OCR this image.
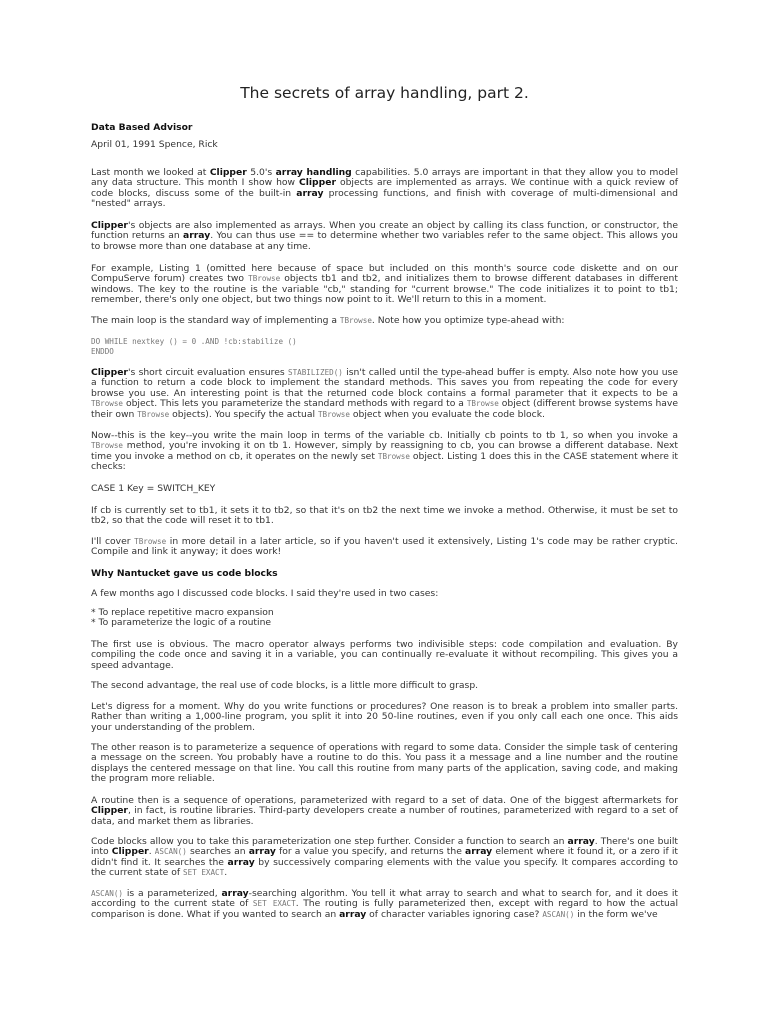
The secrets of array handling, part 2.
Data Based Advisor
April 01, 1991 Spence, Rick

Last month we looked at Clipper 5.0's array handling capabilities. 5.0 arrays are important in that they allow you to model any data structure. This month I show how Clipper objects are implemented as arrays. We continue with a quick review of code blocks, discuss some of the built-in array processing functions, and finish with coverage of multi-dimensional and "nested" arrays.

Clipper's objects are also implemented as arrays. When you create an object by calling its class function, or constructor, the function returns an array. You can thus use == to determine whether two variables refer to the same object. This allows you to browse more than one database at any time.

For example, Listing 1 (omitted here because of space but included on this month's source code diskette and on our CompuServe forum) creates two TBrowse objects tb1 and tb2, and initializes them to browse different databases in different windows. The key to the routine is the variable "cb," standing for "current browse." The code initializes it to point to tb1; remember, there's only one object, but two things now point to it. We'll return to this in a moment.

The main loop is the standard way of implementing a TBrowse. Note how you optimize type-ahead with:

DO WHILE nextkey () = 0 .AND !cb:stabilize ()
ENDDO

Clipper's short circuit evaluation ensures STABILIZED() isn't called until the type-ahead buffer is empty. Also note how you use a function to return a code block to implement the standard methods. This saves you from repeating the code for every browse you use. An interesting point is that the returned code block contains a formal parameter that it expects to be a TBrowse object. This lets you parameterize the standard methods with regard to a TBrowse object (different browse systems have their own TBrowse objects). You specify the actual TBrowse object when you evaluate the code block.

Now--this is the key--you write the main loop in terms of the variable cb. Initially cb points to tb 1, so when you invoke a TBrowse method, you're invoking it on tb 1. However, simply by reassigning to cb, you can browse a different database. Next time you invoke a method on cb, it operates on the newly set TBrowse object. Listing 1 does this in the CASE statement where it checks:

CASE 1 Key = SWITCH_KEY

If cb is currently set to tb1, it sets it to tb2, so that it's on tb2 the next time we invoke a method. Otherwise, it must be set to tb2, so that the code will reset it to tb1.

I'll cover TBrowse in more detail in a later article, so if you haven't used it extensively, Listing 1's code may be rather cryptic. Compile and link it anyway; it does work!

Why Nantucket gave us code blocks

A few months ago I discussed code blocks. I said they're used in two cases:

* To replace repetitive macro expansion
* To parameterize the logic of a routine

The first use is obvious. The macro operator always performs two indivisible steps: code compilation and evaluation. By compiling the code once and saving it in a variable, you can continually re-evaluate it without recompiling. This gives you a speed advantage.

The second advantage, the real use of code blocks, is a little more difficult to grasp.

Let's digress for a moment. Why do you write functions or procedures? One reason is to break a problem into smaller parts. Rather than writing a 1,000-line program, you split it into 20 50-line routines, even if you only call each one once. This aids your understanding of the problem.

The other reason is to parameterize a sequence of operations with regard to some data. Consider the simple task of centering a message on the screen. You probably have a routine to do this. You pass it a message and a line number and the routine displays the centered message on that line. You call this routine from many parts of the application, saving code, and making the program more reliable.

A routine then is a sequence of operations, parameterized with regard to a set of data. One of the biggest aftermarkets for Clipper, in fact, is routine libraries. Third-party developers create a number of routines, parameterized with regard to a set of data, and market them as libraries.

Code blocks allow you to take this parameterization one step further. Consider a function to search an array. There's one built into Clipper. ASCAN() searches an array for a value you specify, and returns the array element where it found it, or a zero if it didn't find it. It searches the array by successively comparing elements with the value you specify. It compares according to the current state of SET EXACT.

ASCAN() is a parameterized, array-searching algorithm. You tell it what array to search and what to search for, and it does it according to the current state of SET EXACT. The routing is fully parameterized then, except with regard to how the actual comparison is done. What if you wanted to search an array of character variables ignoring case? ASCAN() in the form we've
